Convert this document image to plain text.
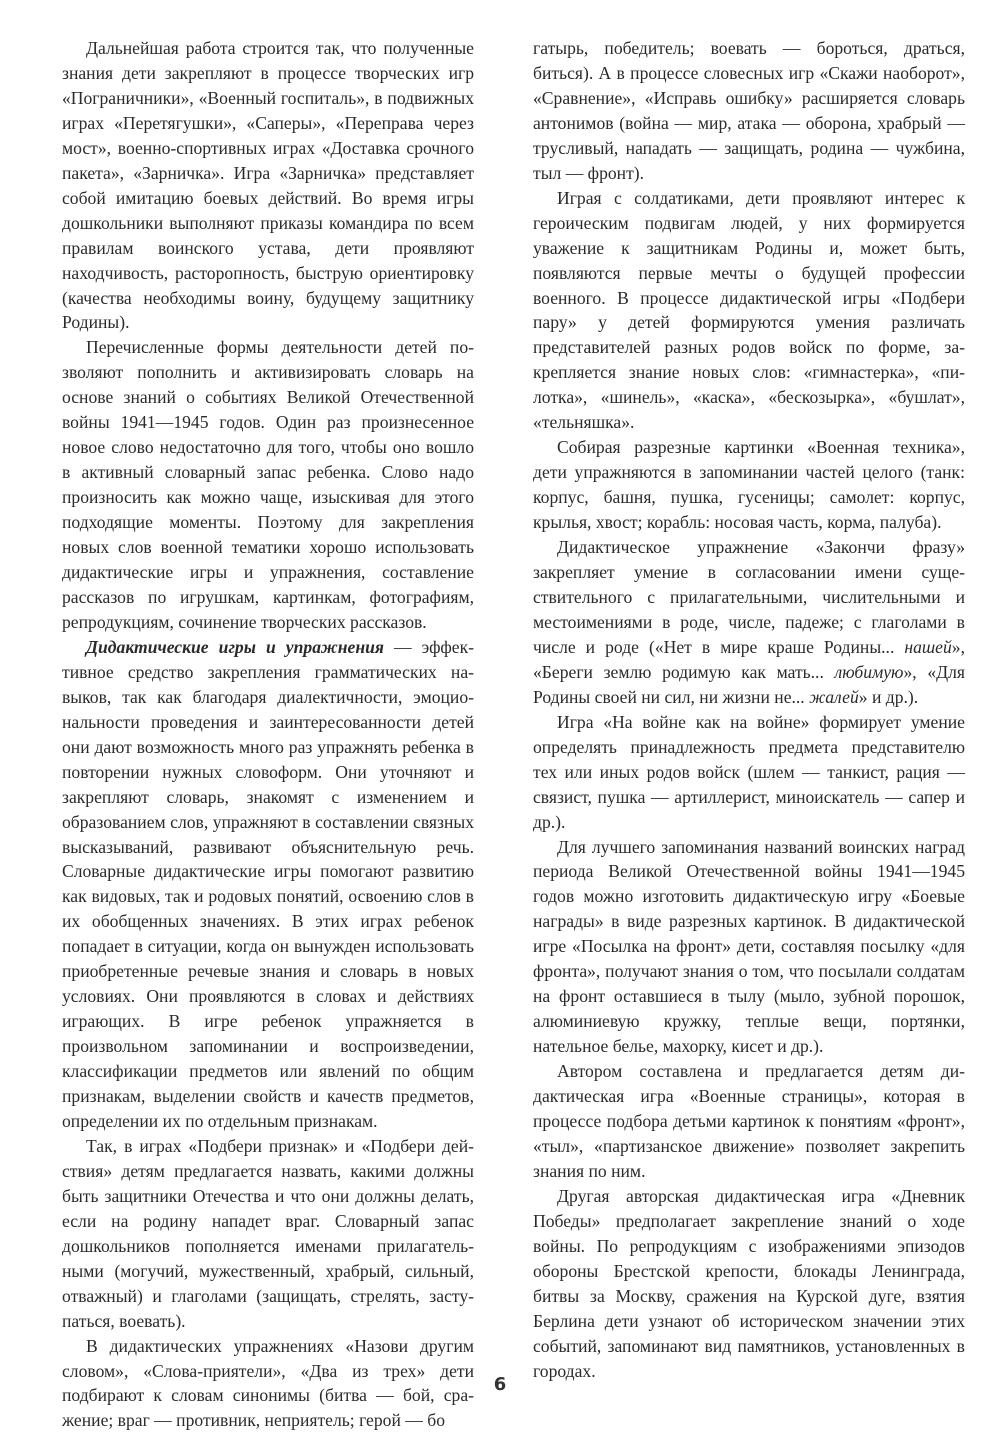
Дальнейшая работа строится так, что полученные знания дети закрепляют в процессе творческих игр «Пограничники», «Военный госпиталь», в подвижных играх «Перетягушки», «Саперы», «Переправа через мост», военно-спортивных играх «Доставка срочного пакета», «Зарничка». Игра «Зарничка» представляет собой имитацию боевых действий. Во время игры дошкольники выполняют приказы командира по всем правилам воинского устава, дети проявляют находчивость, расторопность, быструю ориентировку (качества необходимы воину, будущему защитнику Родины).

Перечисленные формы деятельности детей позволяют пополнить и активизировать словарь на основе знаний о событиях Великой Отечественной войны 1941—1945 годов. Один раз произнесенное новое слово недостаточно для того, чтобы оно вошло в активный словарный запас ребенка. Слово надо произносить как можно чаще, изыскивая для этого подходящие моменты. Поэтому для закрепления новых слов военной тематики хорошо использовать дидактические игры и упражнения, составление рассказов по игрушкам, картинкам, фотографиям, репродукциям, сочинение творческих рассказов.

Дидактические игры и упражнения — эффективное средство закрепления грамматических навыков, так как благодаря диалектичности, эмоциональности проведения и заинтересованности детей они дают возможность много раз упражнять ребенка в повторении нужных словоформ. Они уточняют и закрепляют словарь, знакомят с изменением и образованием слов, упражняют в составлении связных высказываний, развивают объяснительную речь. Словарные дидактические игры помогают развитию как видовых, так и родовых понятий, освоению слов в их обобщенных значениях. В этих играх ребенок попадает в ситуации, когда он вынужден использовать приобретенные речевые знания и словарь в новых условиях. Они проявляются в словах и действиях играющих. В игре ребенок упражняется в произвольном запоминании и воспроизведении, классификации предметов или явлений по общим признакам, выделении свойств и качеств предметов, определении их по отдельным признакам.

Так, в играх «Подбери признак» и «Подбери действия» детям предлагается назвать, какими должны быть защитники Отечества и что они должны делать, если на родину нападет враг. Словарный запас дошкольников пополняется именами прилагательными (могучий, мужественный, храбрый, сильный, отважный) и глаголами (защищать, стрелять, заступаться, воевать).

В дидактических упражнениях «Назови другим словом», «Слова-приятели», «Два из трех» дети подбирают к словам синонимы (битва — бой, сражение; враг — противник, неприятель; герой — бо

гатырь, победитель; воевать — бороться, драться, биться). А в процессе словесных игр «Скажи наоборот», «Сравнение», «Исправь ошибку» расширяется словарь антонимов (война — мир, атака — оборона, храбрый — трусливый, нападать — защищать, родина — чужбина, тыл — фронт).

Играя с солдатиками, дети проявляют интерес к героическим подвигам людей, у них формируется уважение к защитникам Родины и, может быть, появляются первые мечты о будущей профессии военного. В процессе дидактической игры «Подбери пару» у детей формируются умения различать представителей разных родов войск по форме, закрепляется знание новых слов: «гимнастерка», «пилотка», «шинель», «каска», «бескозырка», «бушлат», «тельняшка».

Собирая разрезные картинки «Военная техника», дети упражняются в запоминании частей целого (танк: корпус, башня, пушка, гусеницы; самолет: корпус, крылья, хвост; корабль: носовая часть, корма, палуба).

Дидактическое упражнение «Закончи фразу» закрепляет умение в согласовании имени существительного с прилагательными, числительными и местоимениями в роде, числе, падеже; с глаголами в числе и роде («Нет в мире краше Родины... нашей», «Береги землю родимую как мать... любимую», «Для Родины своей ни сил, ни жизни не... жалей» и др.).

Игра «На войне как на войне» формирует умение определять принадлежность предмета представителю тех или иных родов войск (шлем — танкист, рация — связист, пушка — артиллерист, миноискатель — сапер и др.).

Для лучшего запоминания названий воинских наград периода Великой Отечественной войны 1941—1945 годов можно изготовить дидактическую игру «Боевые награды» в виде разрезных картинок. В дидактической игре «Посылка на фронт» дети, составляя посылку «для фронта», получают знания о том, что посылали солдатам на фронт оставшиеся в тылу (мыло, зубной порошок, алюминиевую кружку, теплые вещи, портянки, нательное белье, махорку, кисет и др.).

Автором составлена и предлагается детям дидактическая игра «Военные страницы», которая в процессе подбора детьми картинок к понятиям «фронт», «тыл», «партизанское движение» позволяет закрепить знания по ним.

Другая авторская дидактическая игра «Дневник Победы» предполагает закрепление знаний о ходе войны. По репродукциям с изображениями эпизодов обороны Брестской крепости, блокады Ленинграда, битвы за Москву, сражения на Курской дуге, взятия Берлина дети узнают об историческом значении этих событий, запоминают вид памятников, установленных в городах.

6
